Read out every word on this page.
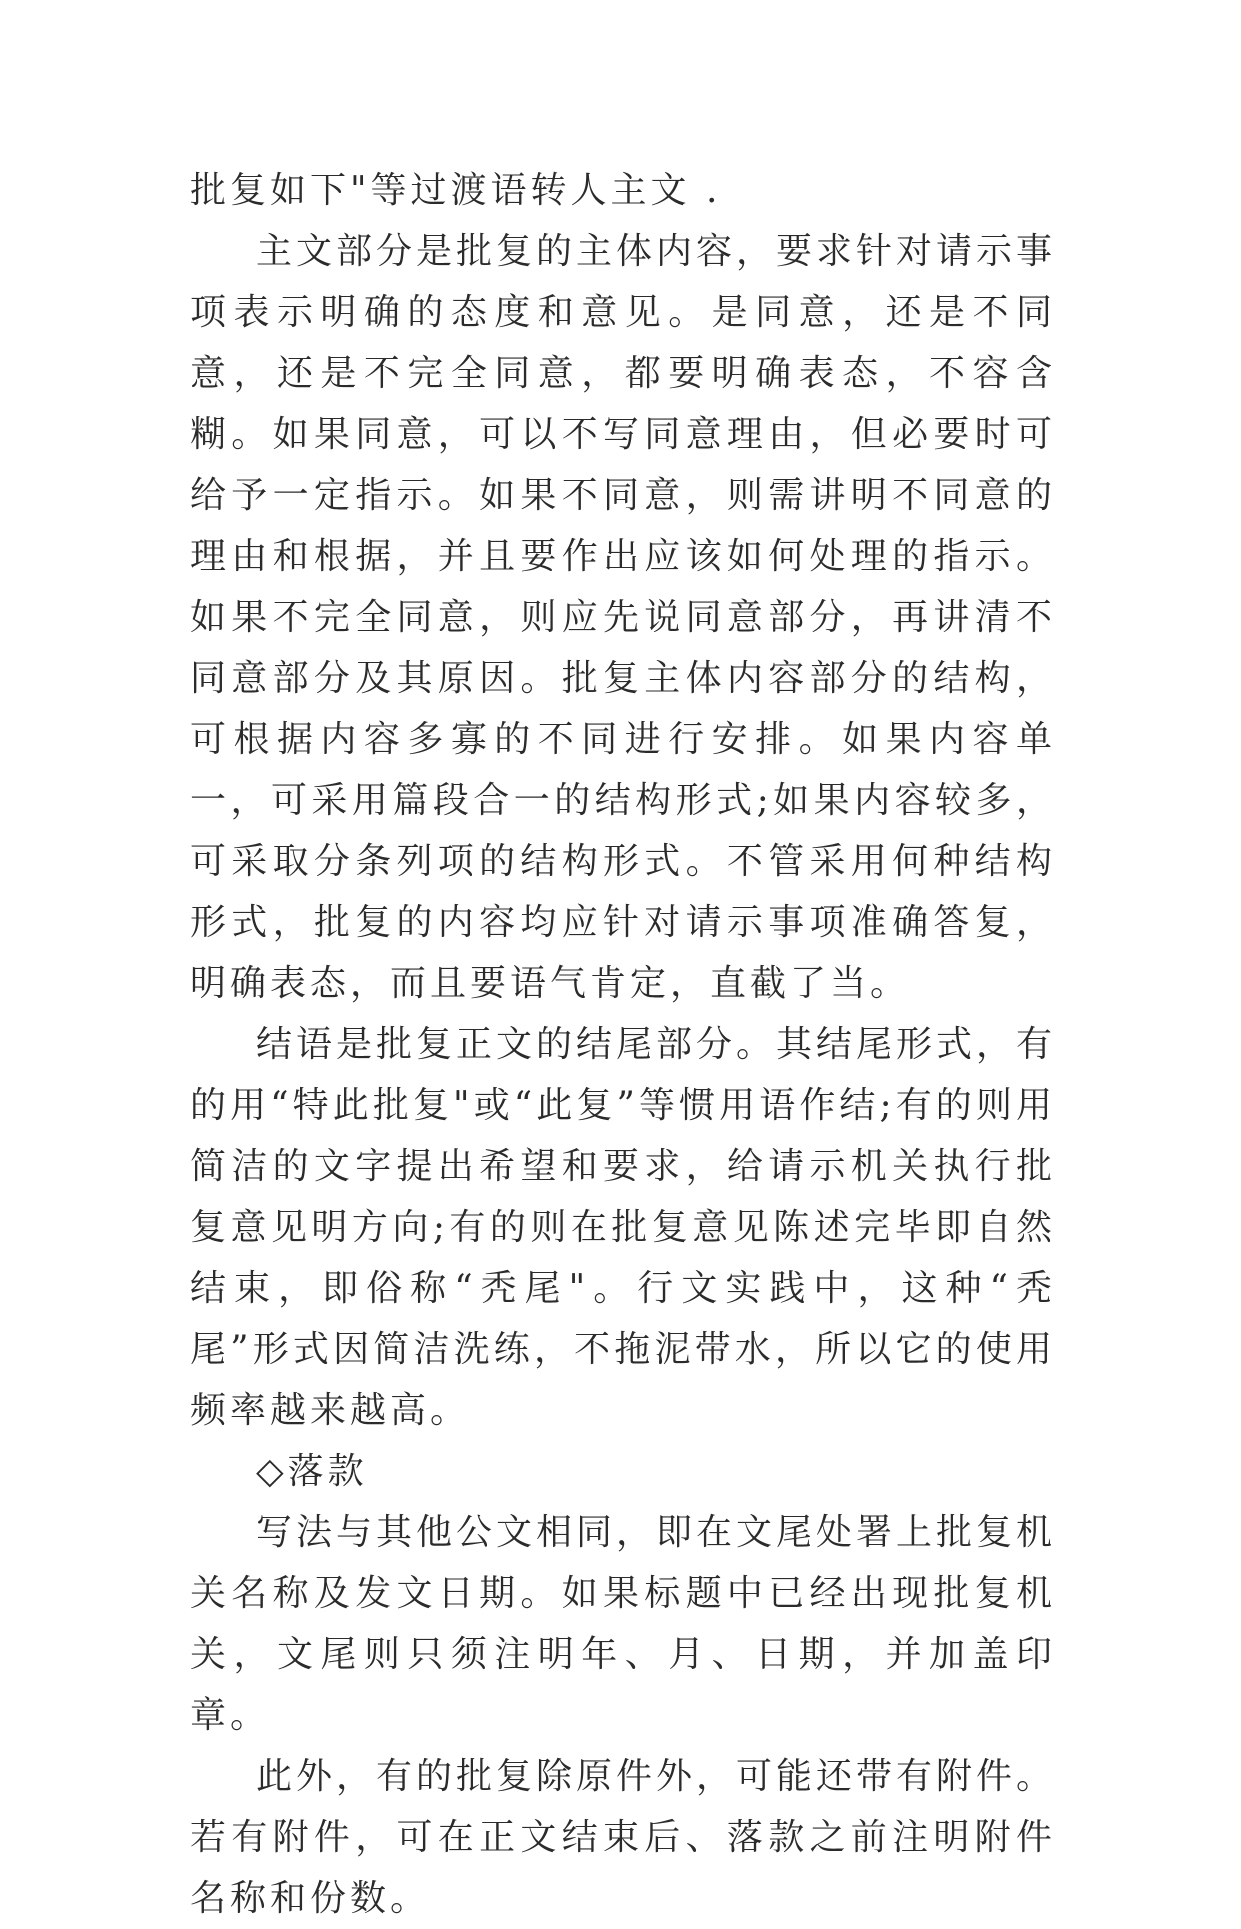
批复如下"等过渡语转人主文 .

主文部分是批复的主体内容，要求针对请示事项表示明确的态度和意见。是同意，还是不同意，还是不完全同意，都要明确表态，不容含糊。如果同意，可以不写同意理由，但必要时可给予一定指示。如果不同意，则需讲明不同意的理由和根据，并且要作出应该如何处理的指示。如果不完全同意，则应先说同意部分，再讲清不同意部分及其原因。批复主体内容部分的结构，可根据内容多寡的不同进行安排。如果内容单一，可采用篇段合一的结构形式;如果内容较多，可采取分条列项的结构形式。不管采用何种结构形式，批复的内容均应针对请示事项准确答复，明确表态，而且要语气肯定，直截了当。

结语是批复正文的结尾部分。其结尾形式，有的用“特此批复"或“此复”等惯用语作结;有的则用简洁的文字提出希望和要求，给请示机关执行批复意见明方向;有的则在批复意见陈述完毕即自然结束，即俗称“秃尾"。行文实践中，这种“秃尾”形式因简洁洗练，不拖泥带水，所以它的使用频率越来越高。

◇落款

写法与其他公文相同，即在文尾处署上批复机关名称及发文日期。如果标题中已经出现批复机关，文尾则只须注明年、月、日期，并加盖印章。

此外，有的批复除原件外，可能还带有附件。若有附件，可在正文结束后、落款之前注明附件名称和份数。
